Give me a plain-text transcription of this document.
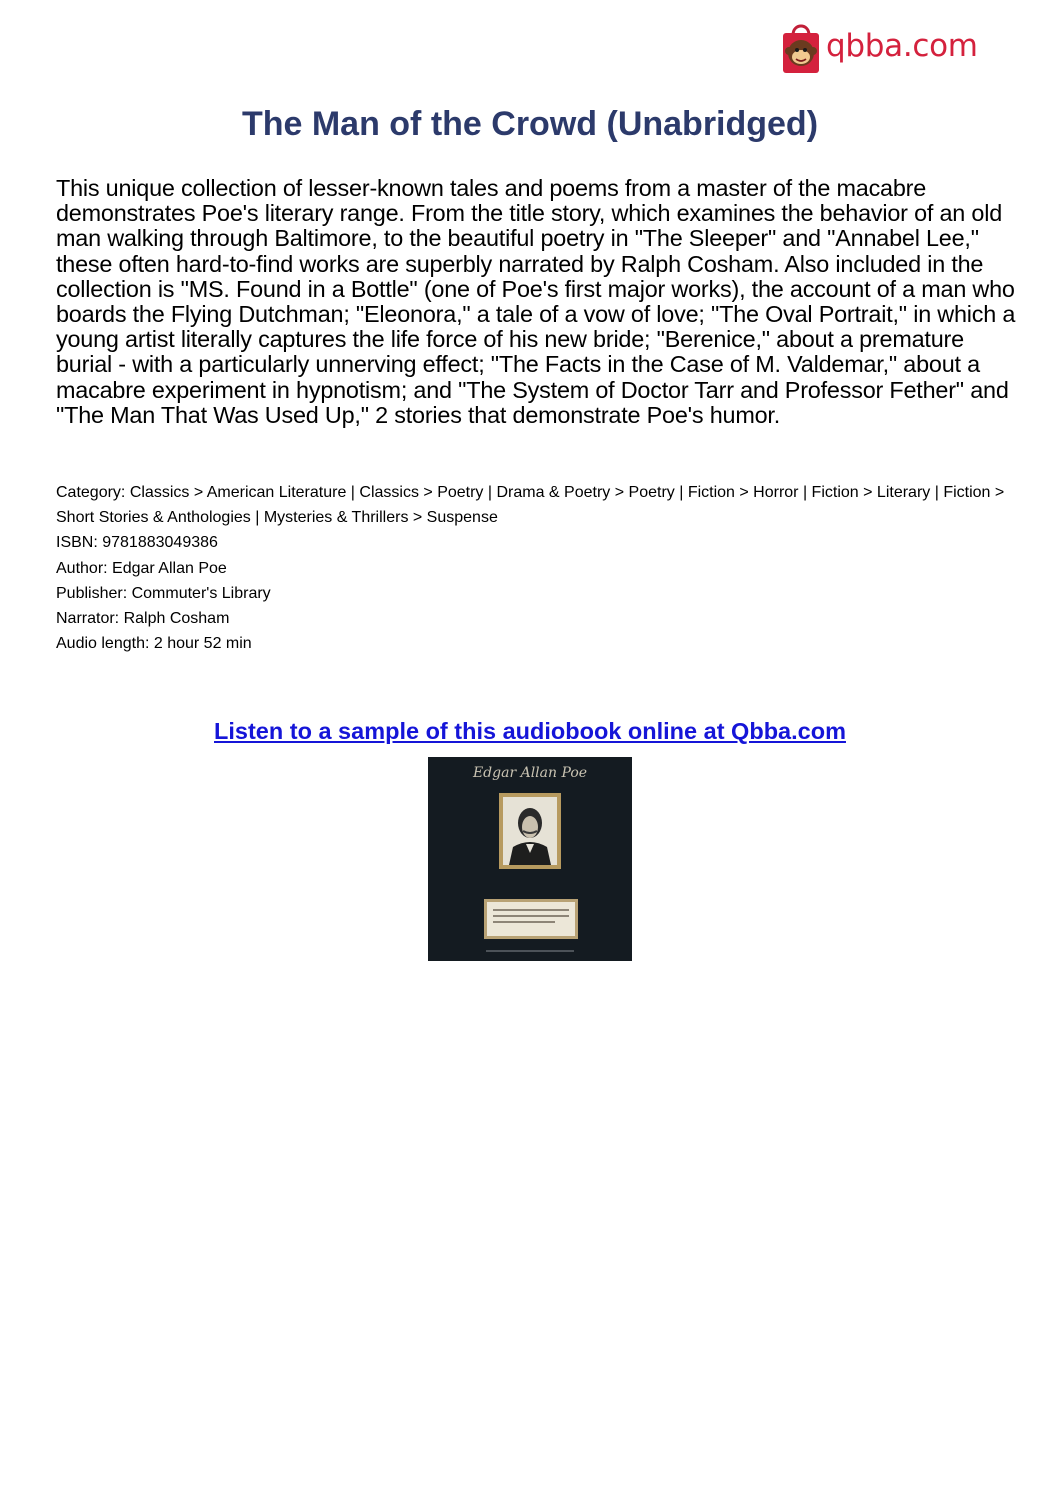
qbba.com
The Man of the Crowd (Unabridged)

This unique collection of lesser-known tales and poems from a master of the macabre demonstrates Poe's literary range. From the title story, which examines the behavior of an old man walking through Baltimore, to the beautiful poetry in "The Sleeper" and "Annabel Lee," these often hard-to-find works are superbly narrated by Ralph Cosham. Also included in the collection is "MS. Found in a Bottle" (one of Poe's first major works), the account of a man who boards the Flying Dutchman; "Eleonora," a tale of a vow of love; "The Oval Portrait," in which a young artist literally captures the life force of his new bride; "Berenice," about a premature burial - with a particularly unnerving effect; "The Facts in the Case of M. Valdemar," about a macabre experiment in hypnotism; and "The System of Doctor Tarr and Professor Fether" and "The Man That Was Used Up," 2 stories that demonstrate Poe's humor.

Category: Classics > American Literature | Classics > Poetry | Drama & Poetry > Poetry | Fiction > Horror | Fiction > Literary | Fiction > Short Stories & Anthologies | Mysteries & Thrillers > Suspense

ISBN: 9781883049386

Author: Edgar Allan Poe

Publisher: Commuter's Library

Narrator: Ralph Cosham

Audio length: 2 hour 52 min

Listen to a sample of this audiobook online at Qbba.com
Edgar Allan Poe
